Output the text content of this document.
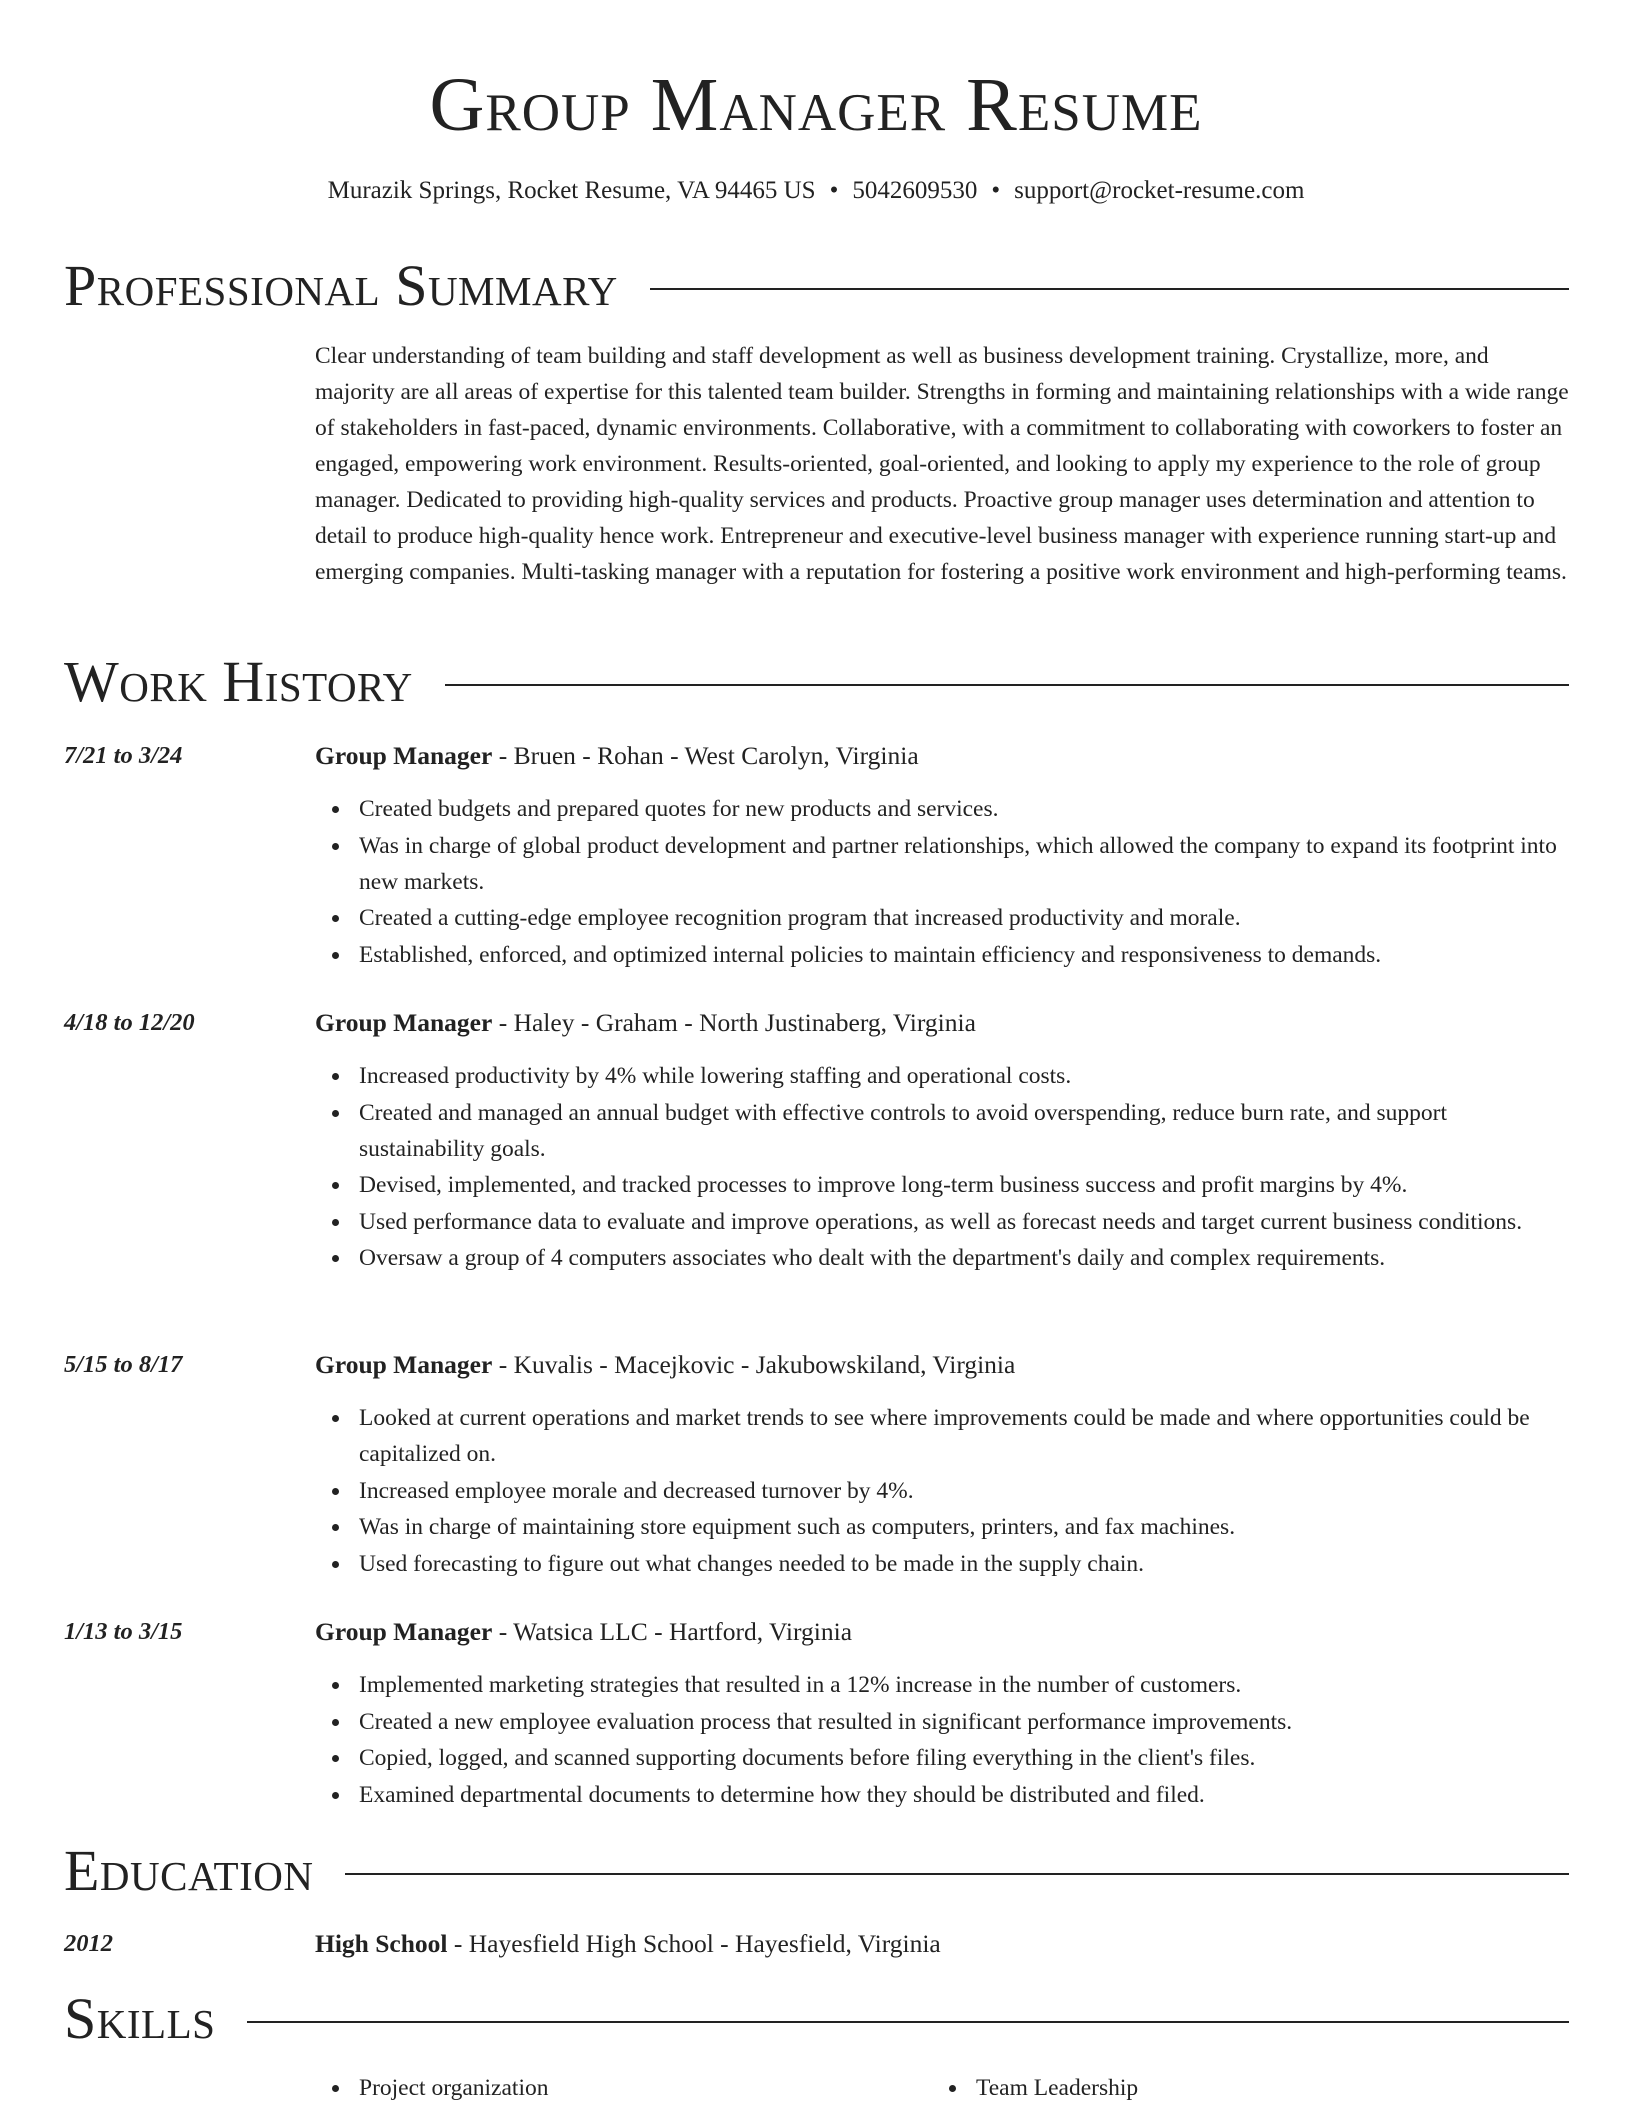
Group Manager Resume
Murazik Springs, Rocket Resume, VA 94465 US • 5042609530 • support@rocket-resume.com
Professional Summary

Clear understanding of team building and staff development as well as business development training. Crystallize, more, and majority are all areas of expertise for this talented team builder. Strengths in forming and maintaining relationships with a wide range of stakeholders in fast-paced, dynamic environments. Collaborative, with a commitment to collaborating with coworkers to foster an engaged, empowering work environment. Results-oriented, goal-oriented, and looking to apply my experience to the role of group manager. Dedicated to providing high-quality services and products. Proactive group manager uses determination and attention to detail to produce high-quality hence work. Entrepreneur and executive-level business manager with experience running start-up and emerging companies. Multi-tasking manager with a reputation for fostering a positive work environment and high-performing teams.

Work History
7/21 to 3/24	Group Manager - Bruen - Rohan - West Carolyn, Virginia
Created budgets and prepared quotes for new products and services.
Was in charge of global product development and partner relationships, which allowed the company to expand its footprint into new markets.
Created a cutting-edge employee recognition program that increased productivity and morale.
Established, enforced, and optimized internal policies to maintain efficiency and responsiveness to demands.
4/18 to 12/20	Group Manager - Haley - Graham - North Justinaberg, Virginia
Increased productivity by 4% while lowering staffing and operational costs.
Created and managed an annual budget with effective controls to avoid overspending, reduce burn rate, and support sustainability goals.
Devised, implemented, and tracked processes to improve long-term business success and profit margins by 4%.
Used performance data to evaluate and improve operations, as well as forecast needs and target current business conditions.
Oversaw a group of 4 computers associates who dealt with the department's daily and complex requirements.
5/15 to 8/17	Group Manager - Kuvalis - Macejkovic - Jakubowskiland, Virginia
Looked at current operations and market trends to see where improvements could be made and where opportunities could be capitalized on.
Increased employee morale and decreased turnover by 4%.
Was in charge of maintaining store equipment such as computers, printers, and fax machines.
Used forecasting to figure out what changes needed to be made in the supply chain.
1/13 to 3/15	Group Manager - Watsica LLC - Hartford, Virginia
Implemented marketing strategies that resulted in a 12% increase in the number of customers.
Created a new employee evaluation process that resulted in significant performance improvements.
Copied, logged, and scanned supporting documents before filing everything in the client's files.
Examined departmental documents to determine how they should be distributed and filed.
Education
2012	High School - Hayesfield High School - Hayesfield, Virginia
Skills
Project organization	Team Leadership
